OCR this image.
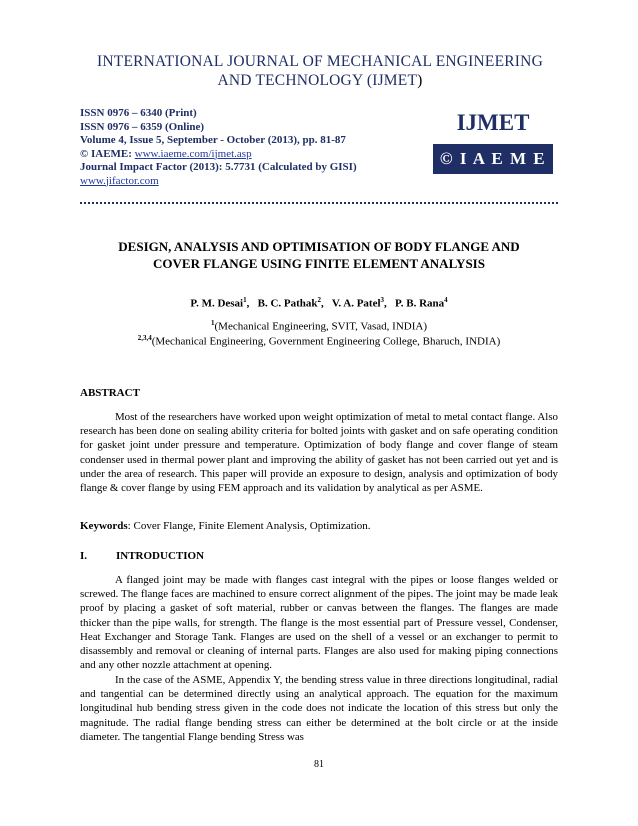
INTERNATIONAL JOURNAL OF MECHANICAL ENGINEERING
AND TECHNOLOGY (IJMET)
ISSN 0976 – 6340 (Print)
ISSN 0976 – 6359 (Online)
Volume 4, Issue 5, September - October (2013), pp. 81-87
© IAEME: www.iaeme.com/ijmet.asp
Journal Impact Factor (2013): 5.7731 (Calculated by GISI)
www.jifactor.com
IJMET
© I A E M E
DESIGN, ANALYSIS AND OPTIMISATION OF BODY FLANGE AND
COVER FLANGE USING FINITE ELEMENT ANALYSIS
P. M. Desai$^1$,   B. C. Pathak$^2$,   V. A. Patel$^3$,   P. B. Rana$^4$
$^1$(Mechanical Engineering, SVIT, Vasad, INDIA)
$^{2,3,4}$(Mechanical Engineering, Government Engineering College, Bharuch, INDIA)
ABSTRACT
Most of the researchers have worked upon weight optimization of metal to metal contact flange. Also research has been done on sealing ability criteria for bolted joints with gasket and on safe operating condition for gasket joint under pressure and temperature. Optimization of body flange and cover flange of steam condenser used in thermal power plant and improving the ability of gasket has not been carried out yet and is under the area of research. This paper will provide an exposure to design, analysis and optimization of body flange & cover flange by using FEM approach and its validation by analytical as per ASME.
Keywords: Cover Flange, Finite Element Analysis, Optimization.
I.	INTRODUCTION
A flanged joint may be made with flanges cast integral with the pipes or loose flanges welded or screwed. The flange faces are machined to ensure correct alignment of the pipes. The joint may be made leak proof by placing a gasket of soft material, rubber or canvas between the flanges. The flanges are made thicker than the pipe walls, for strength. The flange is the most essential part of Pressure vessel, Condenser, Heat Exchanger and Storage Tank. Flanges are used on the shell of a vessel or an exchanger to permit to disassembly and removal or cleaning of internal parts. Flanges are also used for making piping connections and any other nozzle attachment at opening.
In the case of the ASME, Appendix Y, the bending stress value in three directions longitudinal, radial and tangential can be determined directly using an analytical approach. The equation for the maximum longitudinal hub bending stress given in the code does not indicate the location of this stress but only the magnitude. The radial flange bending stress can either be determined at the bolt circle or at the inside diameter. The tangential Flange bending Stress was
81
